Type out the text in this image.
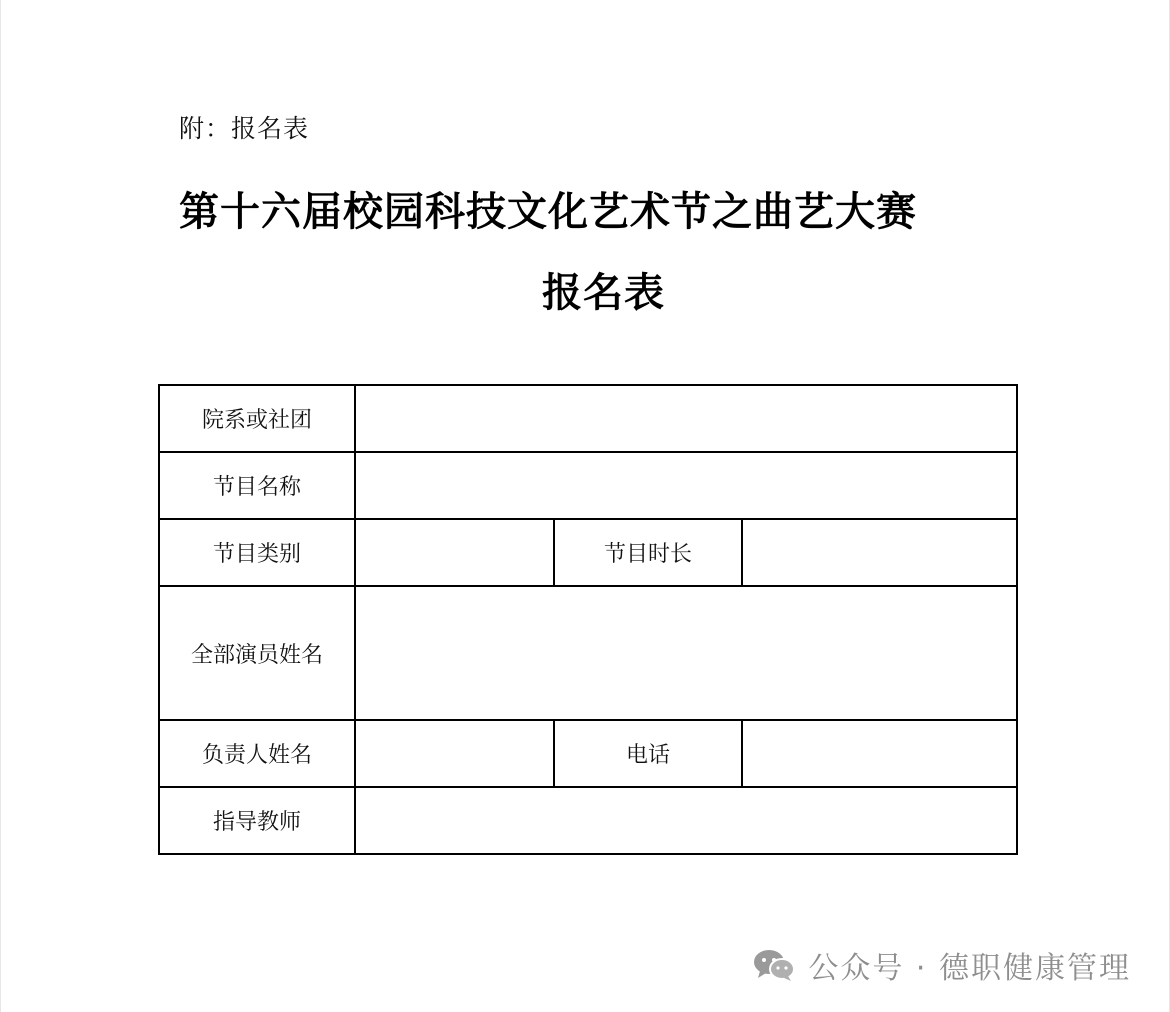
附：报名表
第十六届校园科技文化艺术节之曲艺大赛
报名表
院系或社团			
节目名称			
节目类别		节目时长	
全部演员姓名			
负责人姓名		电话	
指导教师			
公众号 · 德职健康管理
